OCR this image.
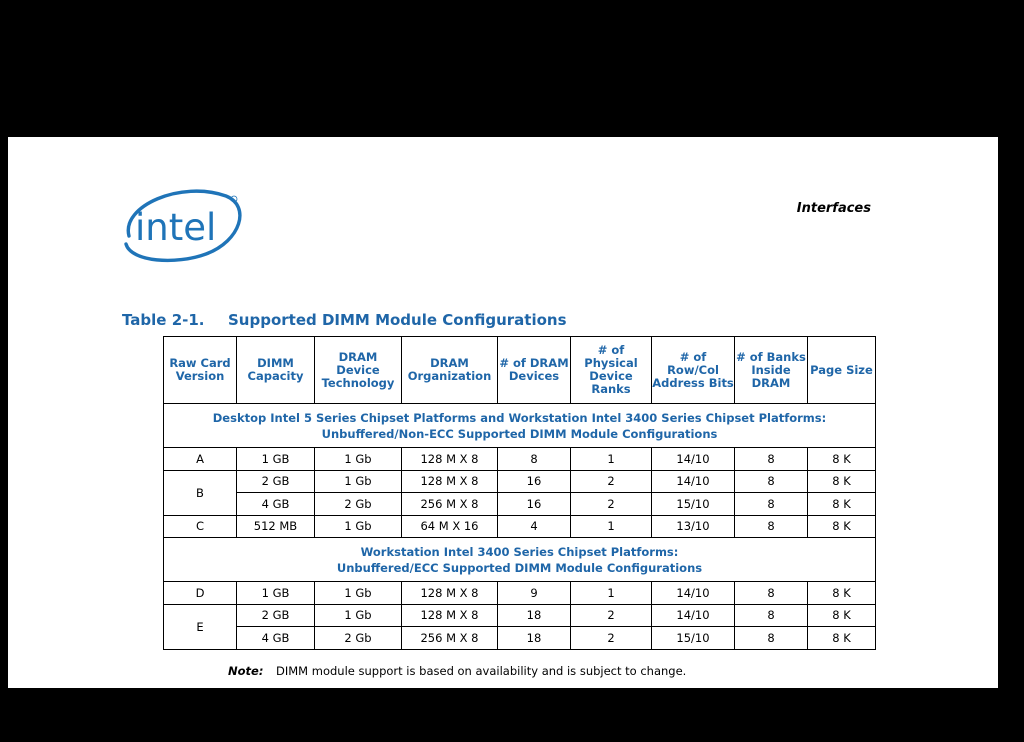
intel	Interfaces
Table 2-1. Supported DIMM Module Configurations
Raw Card Version	DIMM Capacity	DRAM Device Technology	DRAM Organization	# of DRAM Devices	# of Physical Device Ranks	# of Row/Col Address Bits	# of Banks Inside DRAM	Page Size

Desktop Intel 5 Series Chipset Platforms and Workstation Intel 3400 Series Chipset Platforms:
Unbuffered/Non-ECC Supported DIMM Module Configurations								

A	1 GB	1 Gb	128 M X 8	8	1	14/10	8	8 K
B	2 GB	1 Gb	128 M X 8	16	2	14/10	8	8 K
	4 GB	2 Gb	256 M X 8	16	2	15/10	8	8 K
C	512 MB	1 Gb	64 M X 16	4	1	13/10	8	8 K

Workstation Intel 3400 Series Chipset Platforms:
Unbuffered/ECC Supported DIMM Module Configurations								

D	1 GB	1 Gb	128 M X 8	9	1	14/10	8	8 K
E	2 GB	1 Gb	128 M X 8	18	2	14/10	8	8 K
	4 GB	2 Gb	256 M X 8	18	2	15/10	8	8 K
Note: DIMM module support is based on availability and is subject to change.
